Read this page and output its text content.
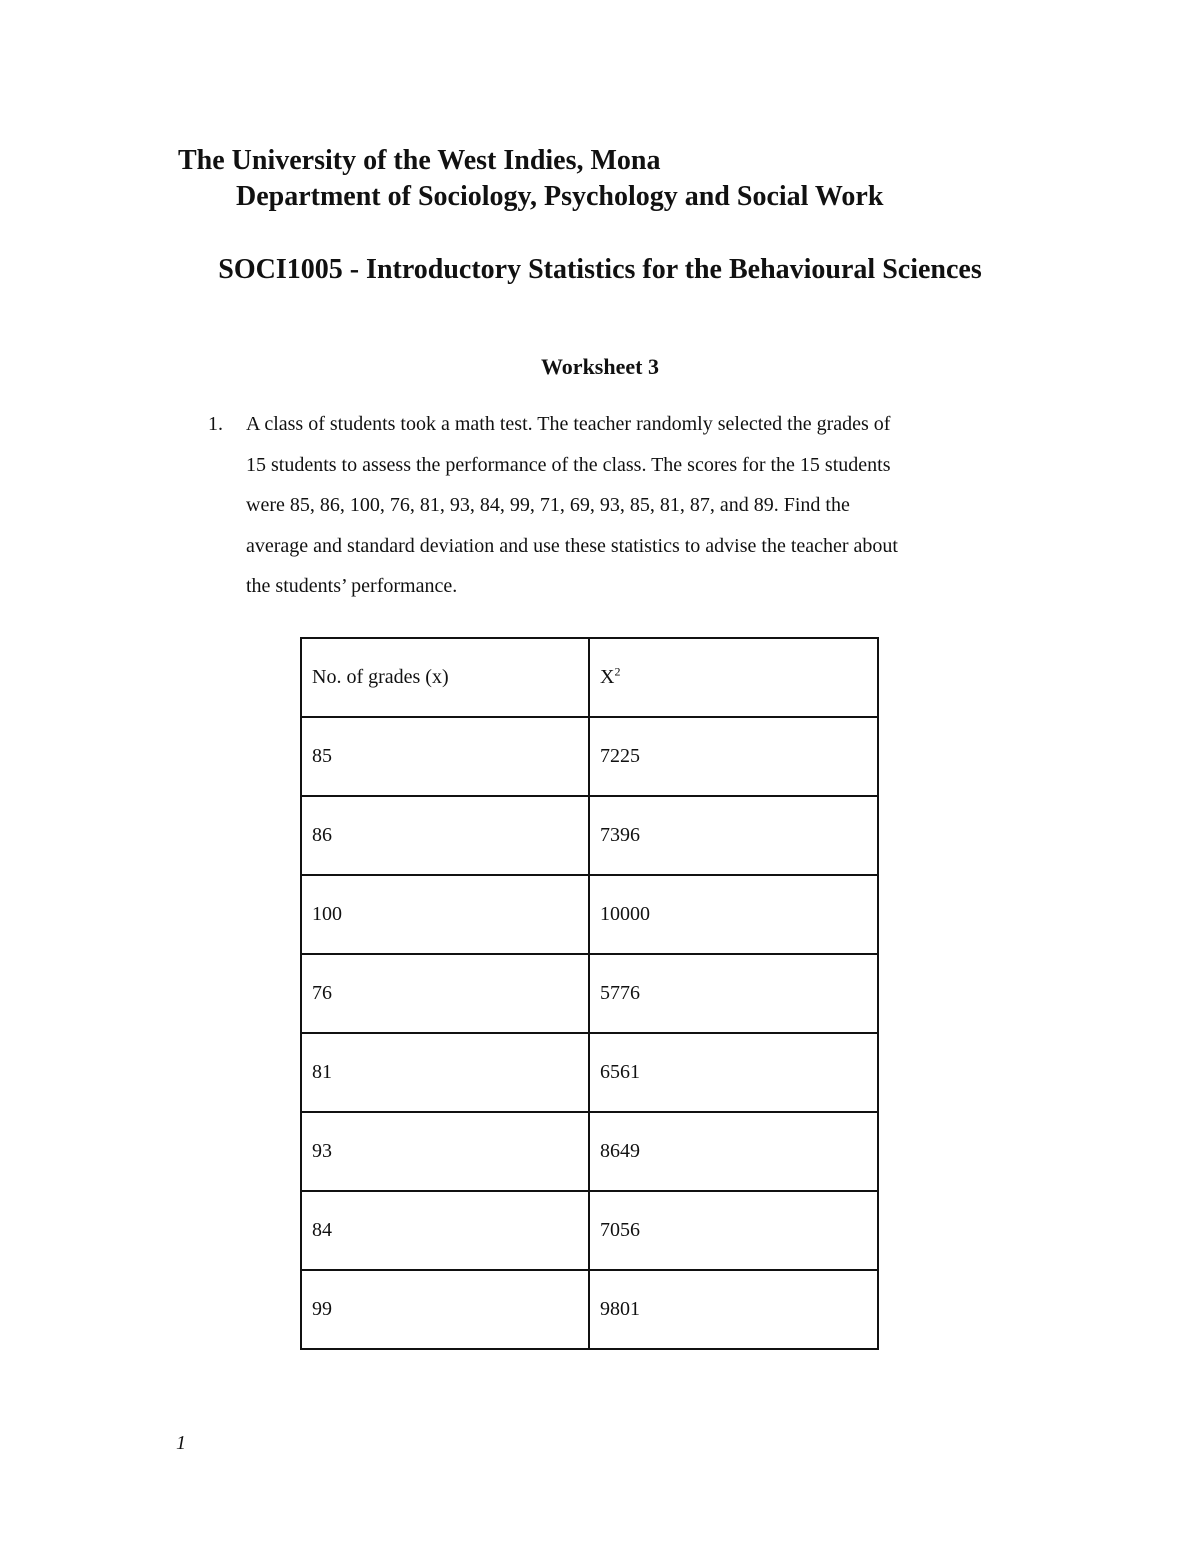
The University of the West Indies, Mona
Department of Sociology, Psychology and Social Work
SOCI1005 - Introductory Statistics for the Behavioural Sciences
Worksheet 3
1. A class of students took a math test. The teacher randomly selected the grades of
15 students to assess the performance of the class. The scores for the 15 students
were 85, 86, 100, 76, 81, 93, 84, 99, 71, 69, 93, 85, 81, 87, and 89. Find the
average and standard deviation and use these statistics to advise the teacher about
the students’ performance.
No. of grades (x)	$X^2$
85	7225
86	7396
100	10000
76	5776
81	6561
93	8649
84	7056
99	9801
1
